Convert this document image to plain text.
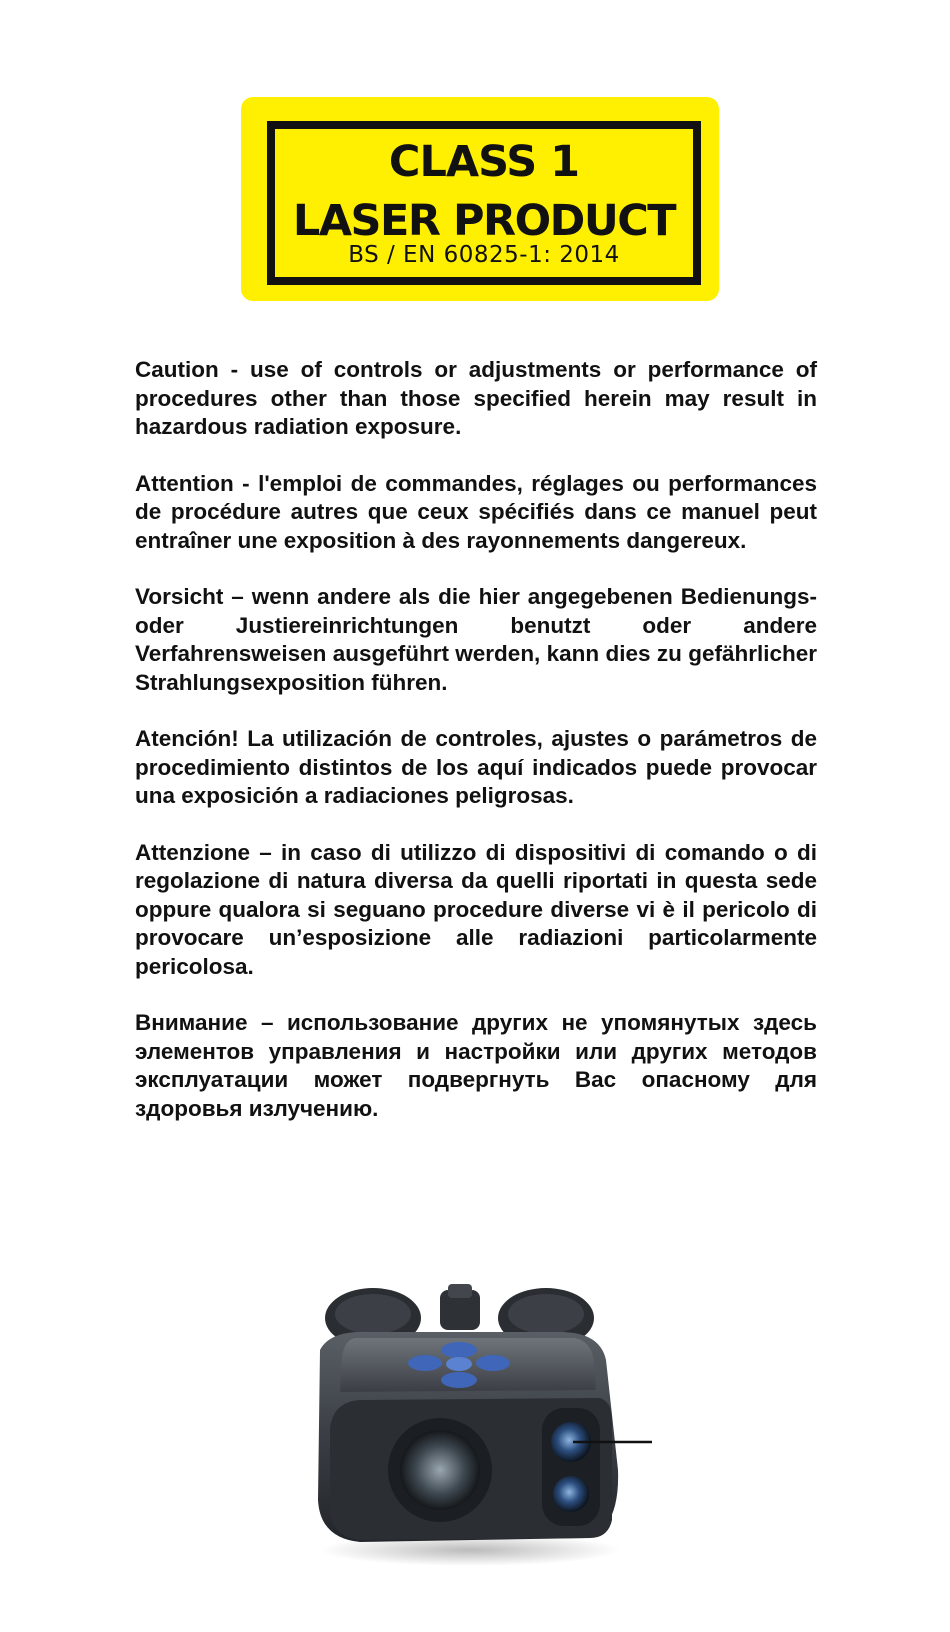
CLASS 1
LASER PRODUCT
BS / EN 60825-1: 2014

Caution - use of controls or adjustments or performance of procedures other than those specified herein may result in hazardous radiation exposure.

Attention - l'emploi de commandes, réglages ou performances de procédure autres que ceux spécifiés dans ce manuel peut entraîner une exposition à des rayonnements dangereux.

Vorsicht – wenn andere als die hier angegebenen Bedienungs- oder Justiereinrichtungen benutzt oder andere Verfahrensweisen ausgeführt werden, kann dies zu gefährlicher Strahlungsexposition führen.

Atención! La utilización de controles, ajustes o parámetros de procedimiento distintos de los aquí indicados puede provocar una exposición a radiaciones peligrosas.

Attenzione – in caso di utilizzo di dispositivi di comando o di regolazione di natura diversa da quelli riportati in questa sede oppure qualora si seguano procedure diverse vi è il pericolo di provocare un’esposizione alle radiazioni particolarmente pericolosa.

Внимание – использование других не упомянутых здесь элементов управления и настройки или других методов эксплуатации может подвергнуть Вас опасному для здоровья излучению.
